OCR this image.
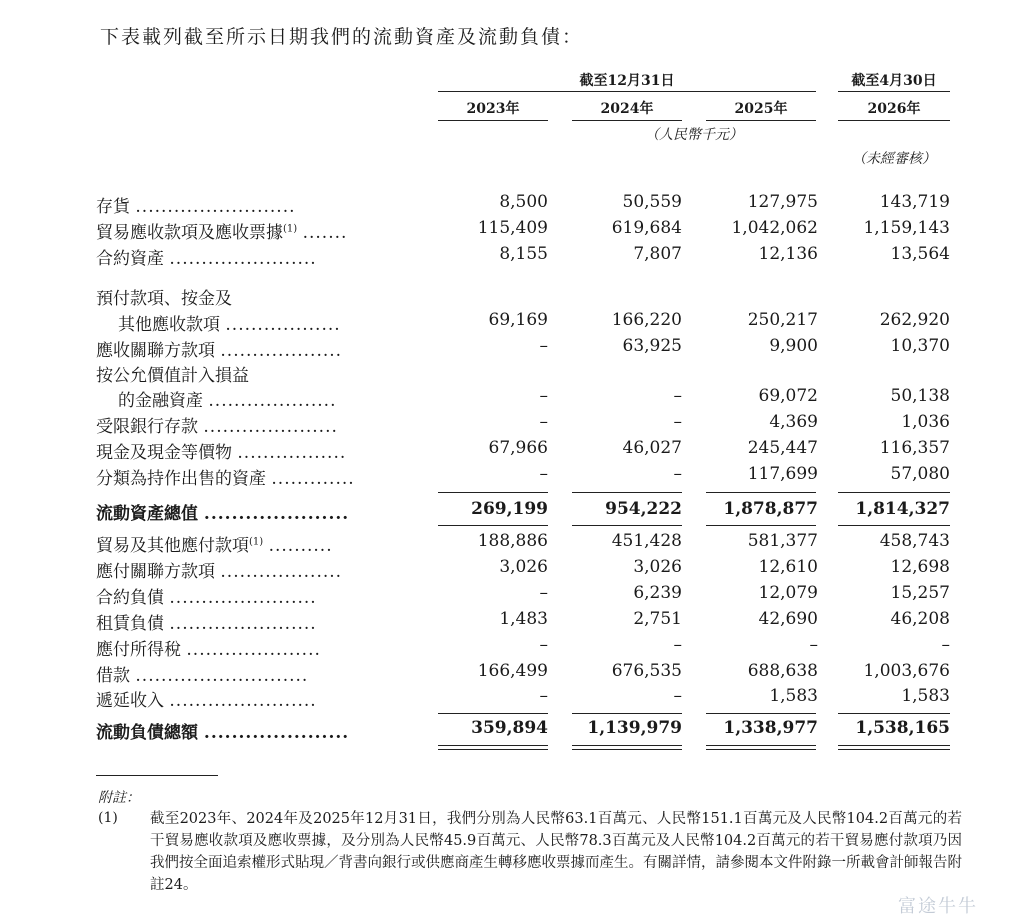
下表載列截至所示日期我們的流動資產及流動負債：
截至12月31日	截至4月30日
2023年	2024年	2025年	2026年
（人民幣千元）
（未經審核）
存貨 .........................	8,500	50,559	127,975	143,719
貿易應收款項及應收票據$^{(1)}$ .......	115,409	619,684	1,042,062	1,159,143
合約資產 .......................	8,155	7,807	12,136	13,564
預付款項、按金及
其他應收款項 ..................	69,169	166,220	250,217	262,920
應收關聯方款項 ...................	–	63,925	9,900	10,370
按公允價值計入損益
的金融資產 ....................	–	–	69,072	50,138
受限銀行存款 .....................	–	–	4,369	1,036
現金及現金等價物 .................	67,966	46,027	245,447	116,357
分類為持作出售的資產 .............	–	–	117,699	57,080
流動資產總值 .....................	269,199	954,222	1,878,877	1,814,327
貿易及其他應付款項$^{(1)}$ ..........	188,886	451,428	581,377	458,743
應付關聯方款項 ...................	3,026	3,026	12,610	12,698
合約負債 .......................	–	6,239	12,079	15,257
租賃負債 .......................	1,483	2,751	42,690	46,208
應付所得稅 .....................	–	–	–	–
借款 ...........................	166,499	676,535	688,638	1,003,676
遞延收入 .......................	–	–	1,583	1,583
流動負債總額 .....................	359,894	1,139,979	1,338,977	1,538,165
附註：
(1) 截至2023年、2024年及2025年12月31日，我們分別為人民幣63.1百萬元、人民幣151.1百萬元及人民幣104.2百萬元的若干貿易應收款項及應收票據，及分別為人民幣45.9百萬元、人民幣78.3百萬元及人民幣104.2百萬元的若干貿易應付款項乃因我們按全面追索權形式貼現／背書向銀行或供應商產生轉移應收票據而產生。有關詳情，請參閱本文件附錄一所載會計師報告附註24。
富途牛牛
